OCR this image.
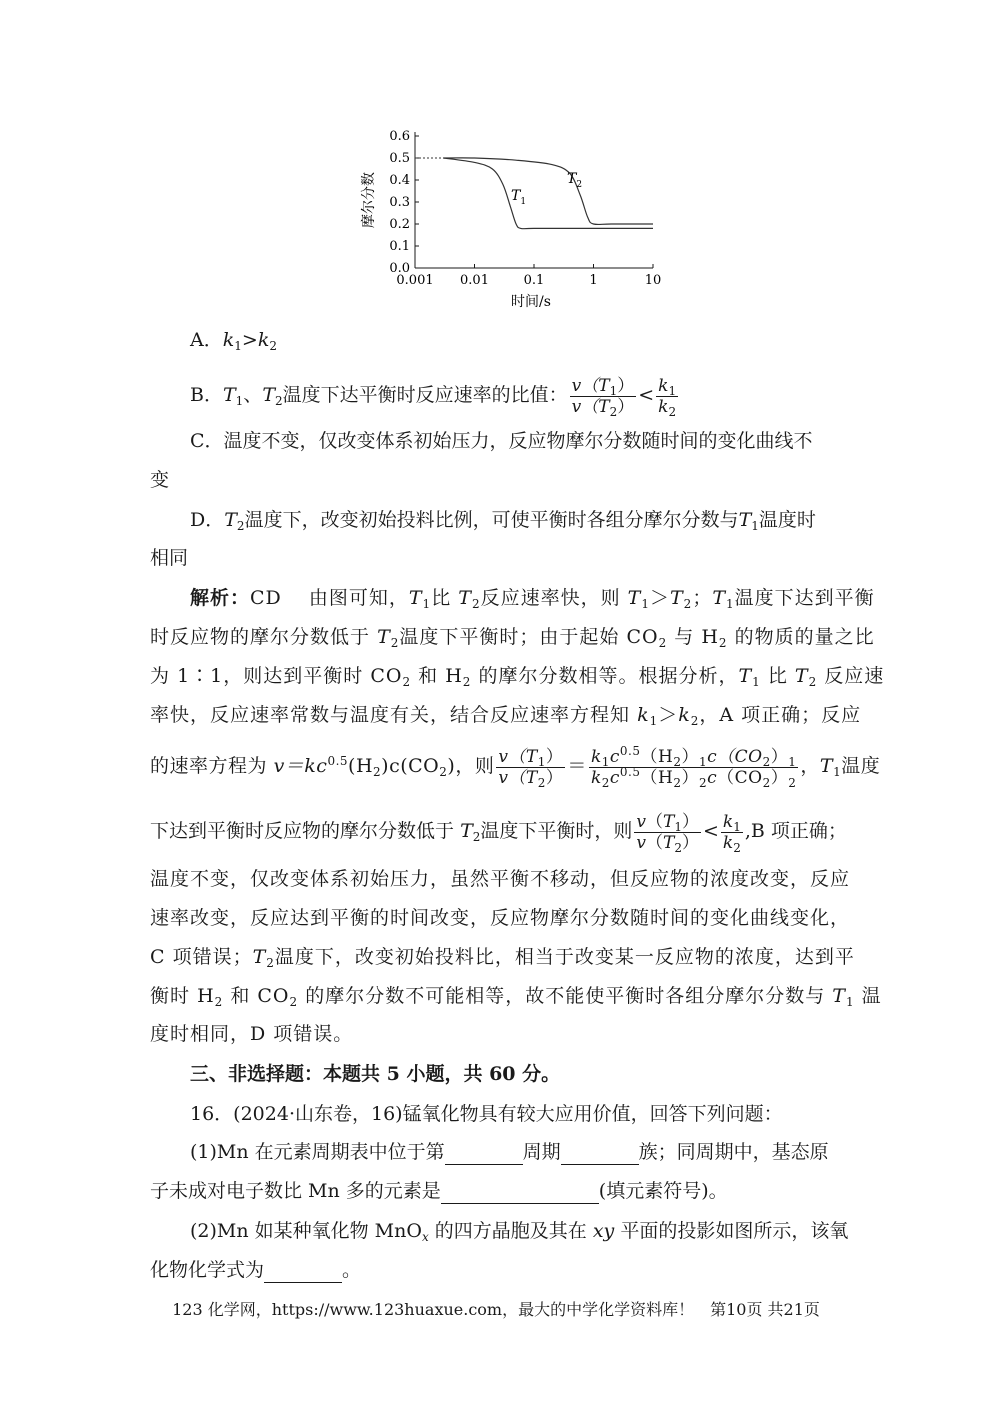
0.0
0.1
0.2
0.3
0.4
0.5
0.6
0.001 0.01	0.1	1	10
摩尔分数
时间/s
$T_1$
$T_2$
A．$k_1>k_2$
B．$T_1$、$T_2$温度下达平衡时反应速率的比值： $\frac{v(T_1)}{v(T_2)} < \frac{k_1}{k_2}$
C．温度不变，仅改变体系初始压力，反应物摩尔分数随时间的变化曲线不
变
D．$T_2$温度下，改变初始投料比例，可使平衡时各组分摩尔分数与$T_1$温度时
相同
解析：CD　 由图可知，$T_1$比 $T_2$反应速率快，则 $T_1>T_2$；$T_1$温度下达到平衡
时反应物的摩尔分数低于 $T_2$温度下平衡时；由于起始 $CO_2$ 与 $H_2$ 的物质的量之比
为 1∶1，则达到平衡时 $CO_2$ 和 $H_2$ 的摩尔分数相等。根据分析，$T_1$ 比 $T_2$ 反应速
率快，反应速率常数与温度有关，结合反应速率方程知 $k_1>k_2$，A 项正确；反应
的速率方程为 $v=kc^{0.5}(H_2)c(CO_2)$，则 $\frac{v(T_1)}{v(T_2)} = \frac{k_1c^{0.5}(H_2)_1c(CO_2)_1}{k_2c^{0.5}(H_2)_2c(CO_2)_2}$ ，$T_1$温度
下达到平衡时反应物的摩尔分数低于 $T_2$温度下平衡时，则 $\frac{v(T_1)}{v(T_2)} < \frac{k_1}{k_2} ,B$ 项正确；
温度不变，仅改变体系初始压力，虽然平衡不移动，但反应物的浓度改变，反应
速率改变，反应达到平衡的时间改变，反应物摩尔分数随时间的变化曲线变化，
C 项错误；$T_2$温度下，改变初始投料比，相当于改变某一反应物的浓度，达到平
衡时 $H_2$ 和 $CO_2$ 的摩尔分数不可能相等，故不能使平衡时各组分摩尔分数与 $T_1$ 温
度时相同，D 项错误。
三、非选择题：本题共 5 小题，共 60 分。
16．(2024·山东卷，16)锰氧化物具有较大应用价值，回答下列问题：
(1)Mn 在元素周期表中位于第	周期	族；同周期中，基态原
子未成对电子数比 Mn 多的元素是	(填元素符号)。
(2)Mn 如某种氧化物 MnO$_x$ 的四方晶胞及其在 xy 平面的投影如图所示，该氧
化物化学式为	。
123 化学网，https://www.123huaxue.com，最大的中学化学资料库！　第10页 共21页
